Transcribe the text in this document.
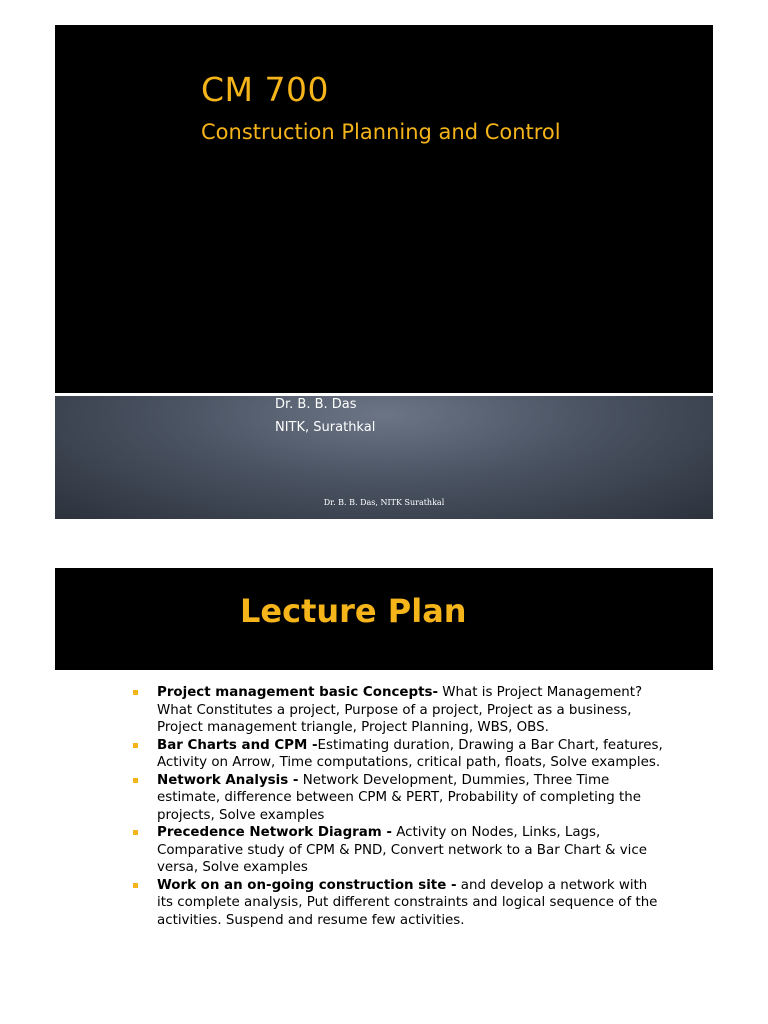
CM 700
Construction Planning and Control
Dr. B. B. Das
NITK, Surathkal
Dr. B. B. Das, NITK Surathkal
Lecture Plan
Project management basic Concepts- What is Project Management? What Constitutes a project, Purpose of a project, Project as a business, Project management triangle, Project Planning, WBS, OBS.
Bar Charts and CPM -Estimating duration, Drawing a Bar Chart, features, Activity on Arrow, Time computations, critical path, floats, Solve examples.
Network Analysis - Network Development, Dummies, Three Time estimate, difference between CPM & PERT, Probability of completing the projects, Solve examples
Precedence Network Diagram - Activity on Nodes, Links, Lags, Comparative study of CPM & PND, Convert network to a Bar Chart & vice versa, Solve examples
Work on an on-going construction site - and develop a network with its complete analysis, Put different constraints and logical sequence of the activities. Suspend and resume few activities.
